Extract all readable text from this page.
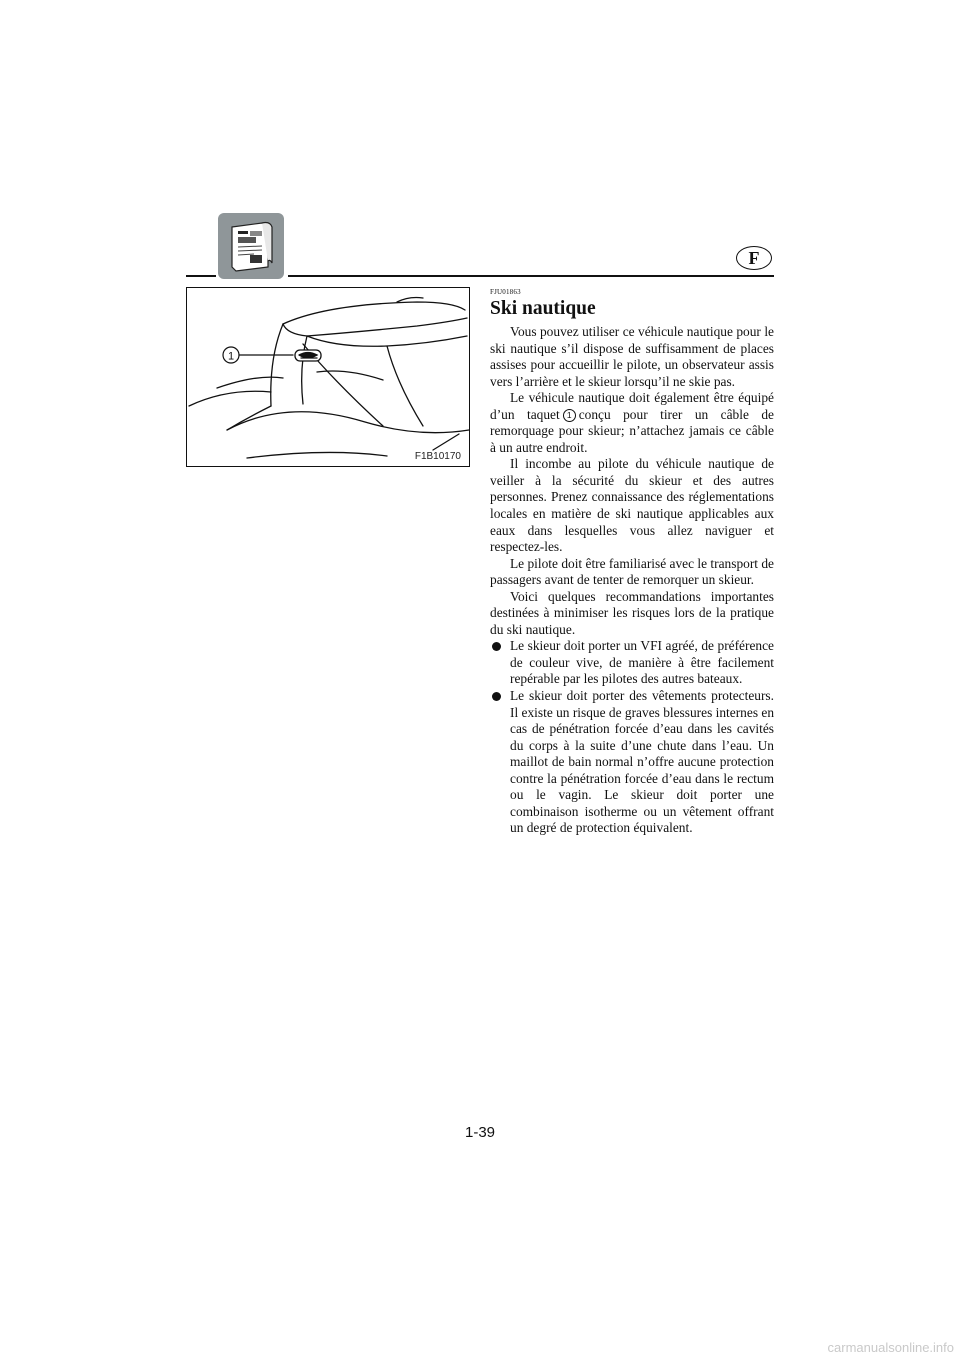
F
1
F1B10170
FJU01863
Ski nautique

Vous pouvez utiliser ce véhicule nautique pour le ski nautique s’il dispose de suffisamment de places assises pour accueillir le pilote, un observateur assis vers l’arrière et le skieur lorsqu’il ne skie pas.

Le véhicule nautique doit également être équipé d’un taquet 1 conçu pour tirer un câble de remorquage pour skieur; n’attachez jamais ce câble à un autre endroit.

Il incombe au pilote du véhicule nautique de veiller à la sécurité du skieur et des autres personnes. Prenez connaissance des réglementations locales en matière de ski nautique applicables aux eaux dans lesquelles vous allez naviguer et respectez-les.

Le pilote doit être familiarisé avec le transport de passagers avant de tenter de remorquer un skieur.

Voici quelques recommandations importantes destinées à minimiser les risques lors de la pratique du ski nautique.

Le skieur doit porter un VFI agréé, de préférence de couleur vive, de manière à être facilement repérable par les pilotes des autres bateaux.

Le skieur doit porter des vêtements protecteurs. Il existe un risque de graves blessures internes en cas de pénétration forcée d’eau dans les cavités du corps à la suite d’une chute dans l’eau. Un maillot de bain normal n’offre aucune protection contre la pénétration forcée d’eau dans le rectum ou le vagin. Le skieur doit porter une combinaison isotherme ou un vêtement offrant un degré de protection équivalent.

1-39
carmanualsonline.info
